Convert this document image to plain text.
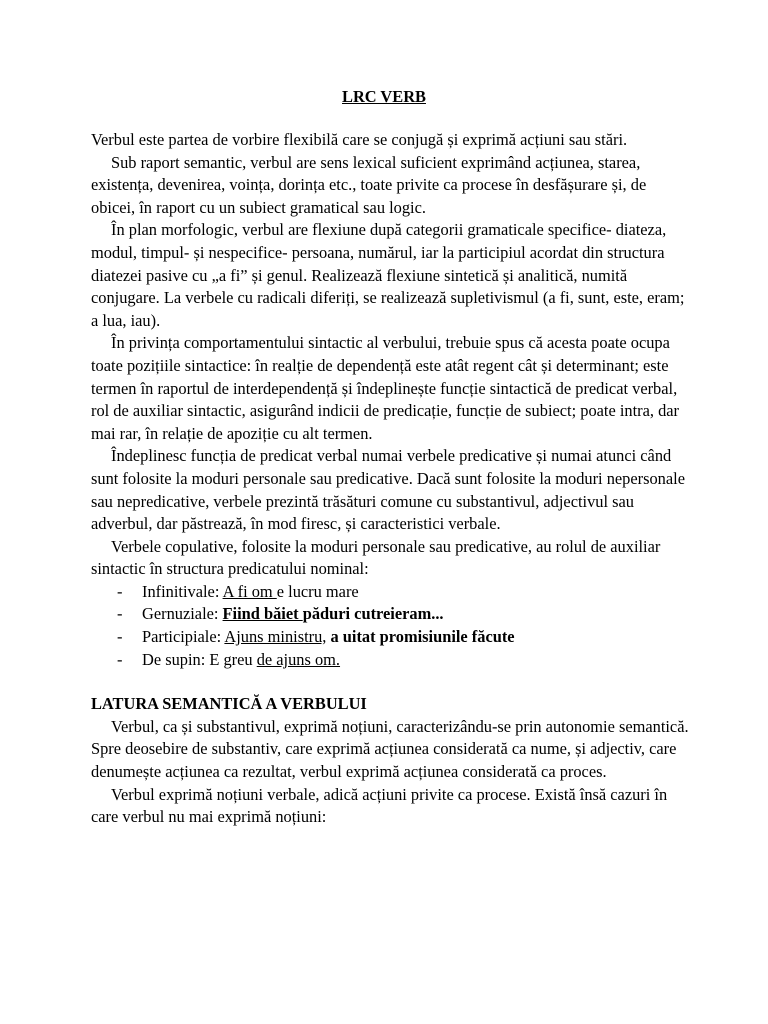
LRC VERB

Verbul este partea de vorbire flexibilă care se conjugă și exprimă acțiuni sau stări.

Sub raport semantic, verbul are sens lexical suficient exprimând acțiunea, starea, existența, devenirea, voința, dorința etc., toate privite ca procese în desfășurare și, de obicei, în raport cu un subiect gramatical sau logic.

În plan morfologic, verbul are flexiune după categorii gramaticale specifice- diateza, modul, timpul- și nespecifice- persoana, numărul, iar la participiul acordat din structura diatezei pasive cu „a fi” și genul. Realizează flexiune sintetică și analitică, numită conjugare. La verbele cu radicali diferiți, se realizează supletivismul (a fi, sunt, este, eram; a lua, iau).

În privința comportamentului sintactic al verbului, trebuie spus că acesta poate ocupa toate pozițiile sintactice: în realție de dependență este atât regent cât și determinant; este termen în raportul de interdependență și îndeplinește funcție sintactică de predicat verbal, rol de auxiliar sintactic, asigurând indicii de predicație, funcție de subiect; poate intra, dar mai rar, în relație de apoziție cu alt termen.

Îndeplinesc funcția de predicat verbal numai verbele predicative și numai atunci când sunt folosite la moduri personale sau predicative. Dacă sunt folosite la moduri nepersonale sau nepredicative, verbele prezintă trăsături comune cu substantivul, adjectivul sau adverbul, dar păstrează, în mod firesc, și caracteristici verbale.

Verbele copulative, folosite la moduri personale sau predicative, au rolul de auxiliar sintactic în structura predicatului nominal:

- Infinitivale: A fi om e lucru mare
- Gernuziale: Fiind băiet păduri cutreieram...
- Participiale: Ajuns ministru, a uitat promisiunile făcute
- De supin: E greu de ajuns om.

LATURA SEMANTICĂ A VERBULUI

Verbul, ca și substantivul, exprimă noțiuni, caracterizându-se prin autonomie semantică. Spre deosebire de substantiv, care exprimă acțiunea considerată ca nume, și adjectiv, care denumește acțiunea ca rezultat, verbul exprimă acțiunea considerată ca proces.

Verbul exprimă noțiuni verbale, adică acțiuni privite ca procese. Există însă cazuri în care verbul nu mai exprimă noțiuni:
